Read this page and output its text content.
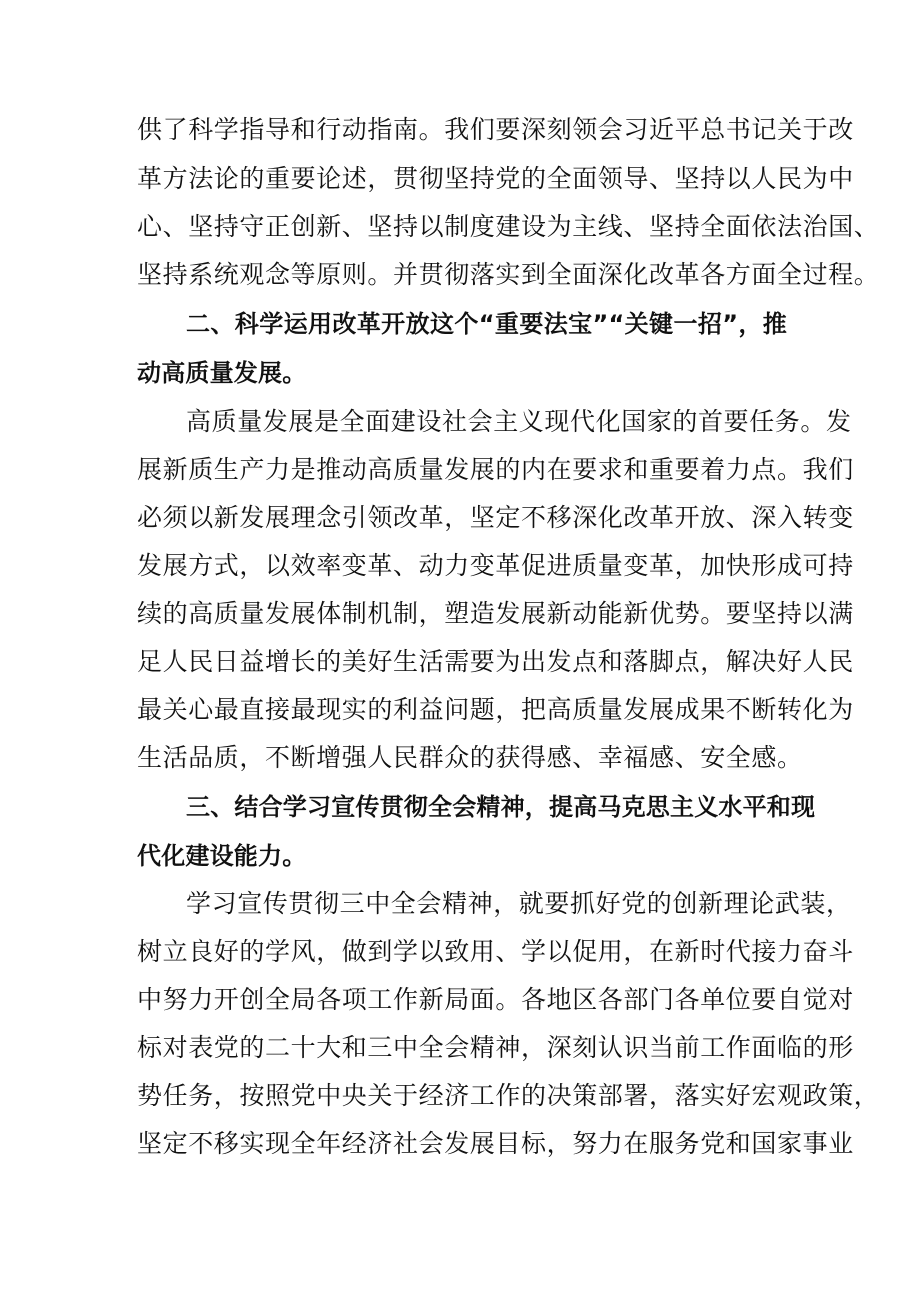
供了科学指导和行动指南。我们要深刻领会习近平总书记关于改
革方法论的重要论述，贯彻坚持党的全面领导、坚持以人民为中
心、坚持守正创新、坚持以制度建设为主线、坚持全面依法治国、
坚持系统观念等原则。并贯彻落实到全面深化改革各方面全过程。
二、科学运用改革开放这个“重要法宝”“关键一招”，推
动高质量发展。
高质量发展是全面建设社会主义现代化国家的首要任务。发
展新质生产力是推动高质量发展的内在要求和重要着力点。我们
必须以新发展理念引领改革，坚定不移深化改革开放、深入转变
发展方式，以效率变革、动力变革促进质量变革，加快形成可持
续的高质量发展体制机制，塑造发展新动能新优势。要坚持以满
足人民日益增长的美好生活需要为出发点和落脚点，解决好人民
最关心最直接最现实的利益问题，把高质量发展成果不断转化为
生活品质，不断增强人民群众的获得感、幸福感、安全感。
三、结合学习宣传贯彻全会精神，提高马克思主义水平和现
代化建设能力。
学习宣传贯彻三中全会精神，就要抓好党的创新理论武装，
树立良好的学风，做到学以致用、学以促用，在新时代接力奋斗
中努力开创全局各项工作新局面。各地区各部门各单位要自觉对
标对表党的二十大和三中全会精神，深刻认识当前工作面临的形
势任务，按照党中央关于经济工作的决策部署，落实好宏观政策，
坚定不移实现全年经济社会发展目标，努力在服务党和国家事业
